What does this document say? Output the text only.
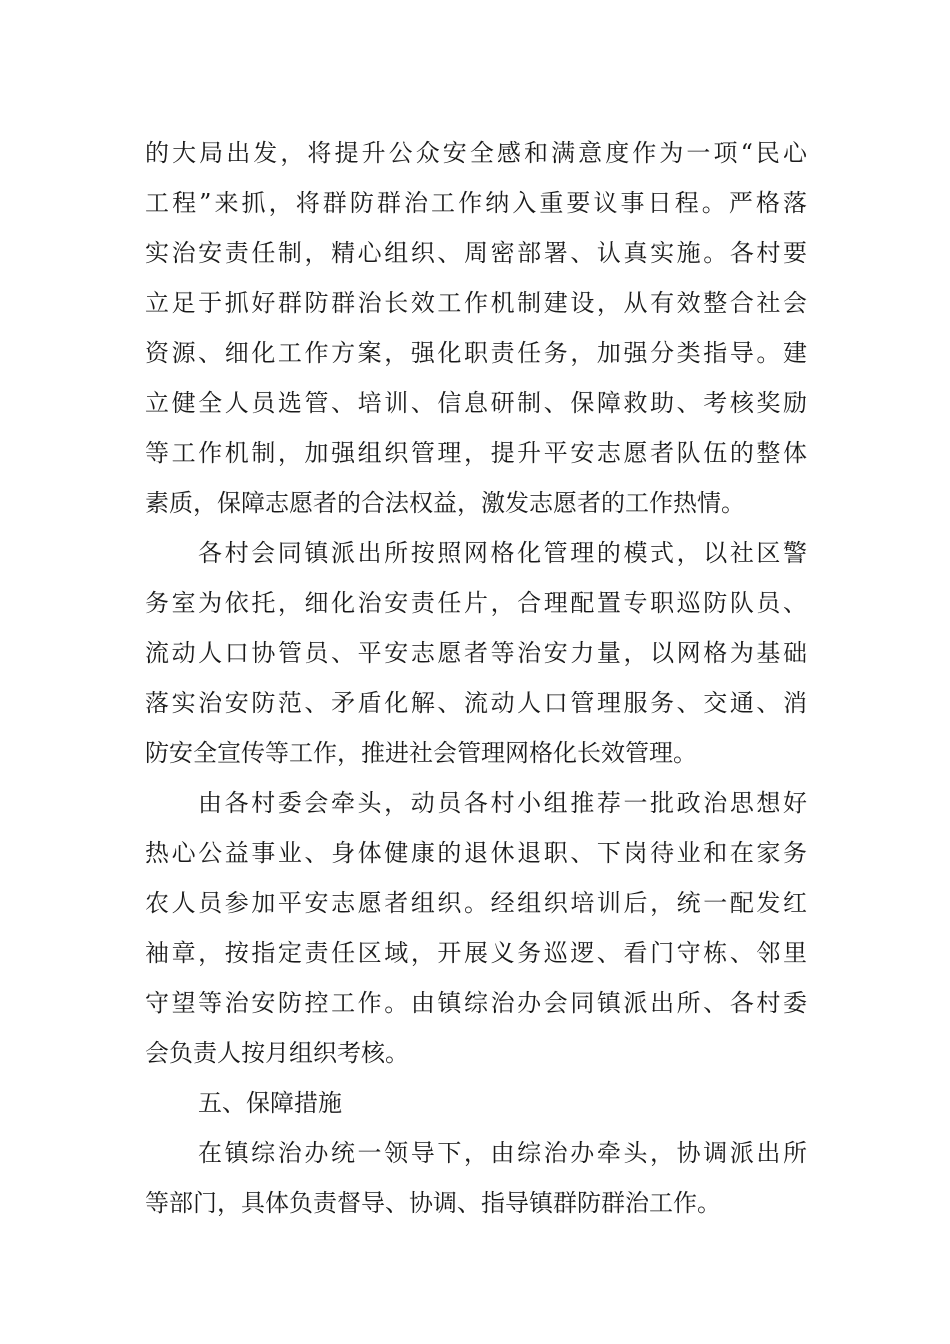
的大局出发，将提升公众安全感和满意度作为一项“民心
工程”来抓，将群防群治工作纳入重要议事日程。严格落
实治安责任制，精心组织、周密部署、认真实施。各村要
立足于抓好群防群治长效工作机制建设，从有效整合社会
资源、细化工作方案，强化职责任务，加强分类指导。建
立健全人员选管、培训、信息研制、保障救助、考核奖励
等工作机制，加强组织管理，提升平安志愿者队伍的整体
素质，保障志愿者的合法权益，激发志愿者的工作热情。
各村会同镇派出所按照网格化管理的模式，以社区警
务室为依托，细化治安责任片，合理配置专职巡防队员、
流动人口协管员、平安志愿者等治安力量，以网格为基础
落实治安防范、矛盾化解、流动人口管理服务、交通、消
防安全宣传等工作，推进社会管理网格化长效管理。
由各村委会牵头，动员各村小组推荐一批政治思想好
热心公益事业、身体健康的退休退职、下岗待业和在家务
农人员参加平安志愿者组织。经组织培训后，统一配发红
袖章，按指定责任区域，开展义务巡逻、看门守栋、邻里
守望等治安防控工作。由镇综治办会同镇派出所、各村委
会负责人按月组织考核。
五、保障措施
在镇综治办统一领导下，由综治办牵头，协调派出所
等部门，具体负责督导、协调、指导镇群防群治工作。
